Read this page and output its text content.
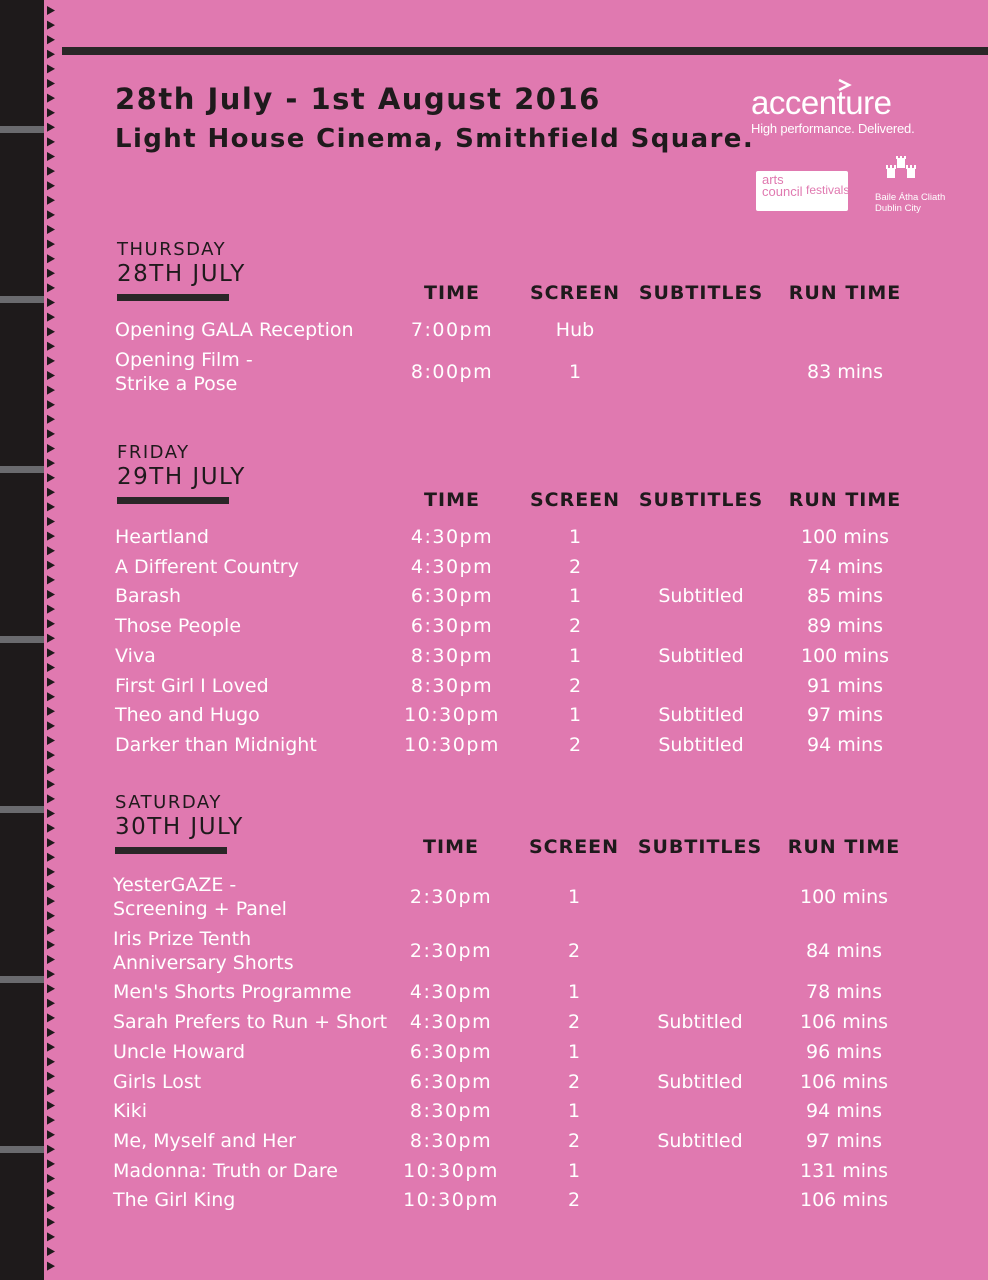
28th July - 1st August 2016
Light House Cinema, Smithfield Square.
accenture
High performance. Delivered.
arts council festivals
Baile Átha Cliath
Dublin City
THURSDAY
28TH JULY
TIME	SCREEN SUBTITLES RUN TIME
Opening GALA Reception	7:00pm	Hub
Opening Film -
Strike a Pose
8:00pm	1	83 mins
FRIDAY
29TH JULY
TIME	SCREEN SUBTITLES RUN TIME
Heartland	4:30pm	1	100 mins
A Different Country	4:30pm	2	74 mins
Barash	6:30pm	1	Subtitled	85 mins
Those People	6:30pm	2	89 mins
Viva	8:30pm	1	Subtitled	100 mins
First Girl I Loved	8:30pm	2	91 mins
Theo and Hugo	10:30pm	1	Subtitled	97 mins
Darker than Midnight	10:30pm	2	Subtitled	94 mins
SATURDAY
30TH JULY
TIME	SCREEN SUBTITLES RUN TIME
YesterGAZE -
Screening + Panel
2:30pm	1	100 mins
Iris Prize Tenth
Anniversary Shorts
2:30pm	2	84 mins
Men's Shorts Programme	4:30pm	1	78 mins
Sarah Prefers to Run + Short 4:30pm	2	Subtitled	106 mins
Uncle Howard	6:30pm	1	96 mins
Girls Lost	6:30pm	2	Subtitled	106 mins
Kiki	8:30pm	1	94 mins
Me, Myself and Her	8:30pm	2	Subtitled	97 mins
Madonna: Truth or Dare	10:30pm	1	131 mins
The Girl King	10:30pm	2	106 mins
